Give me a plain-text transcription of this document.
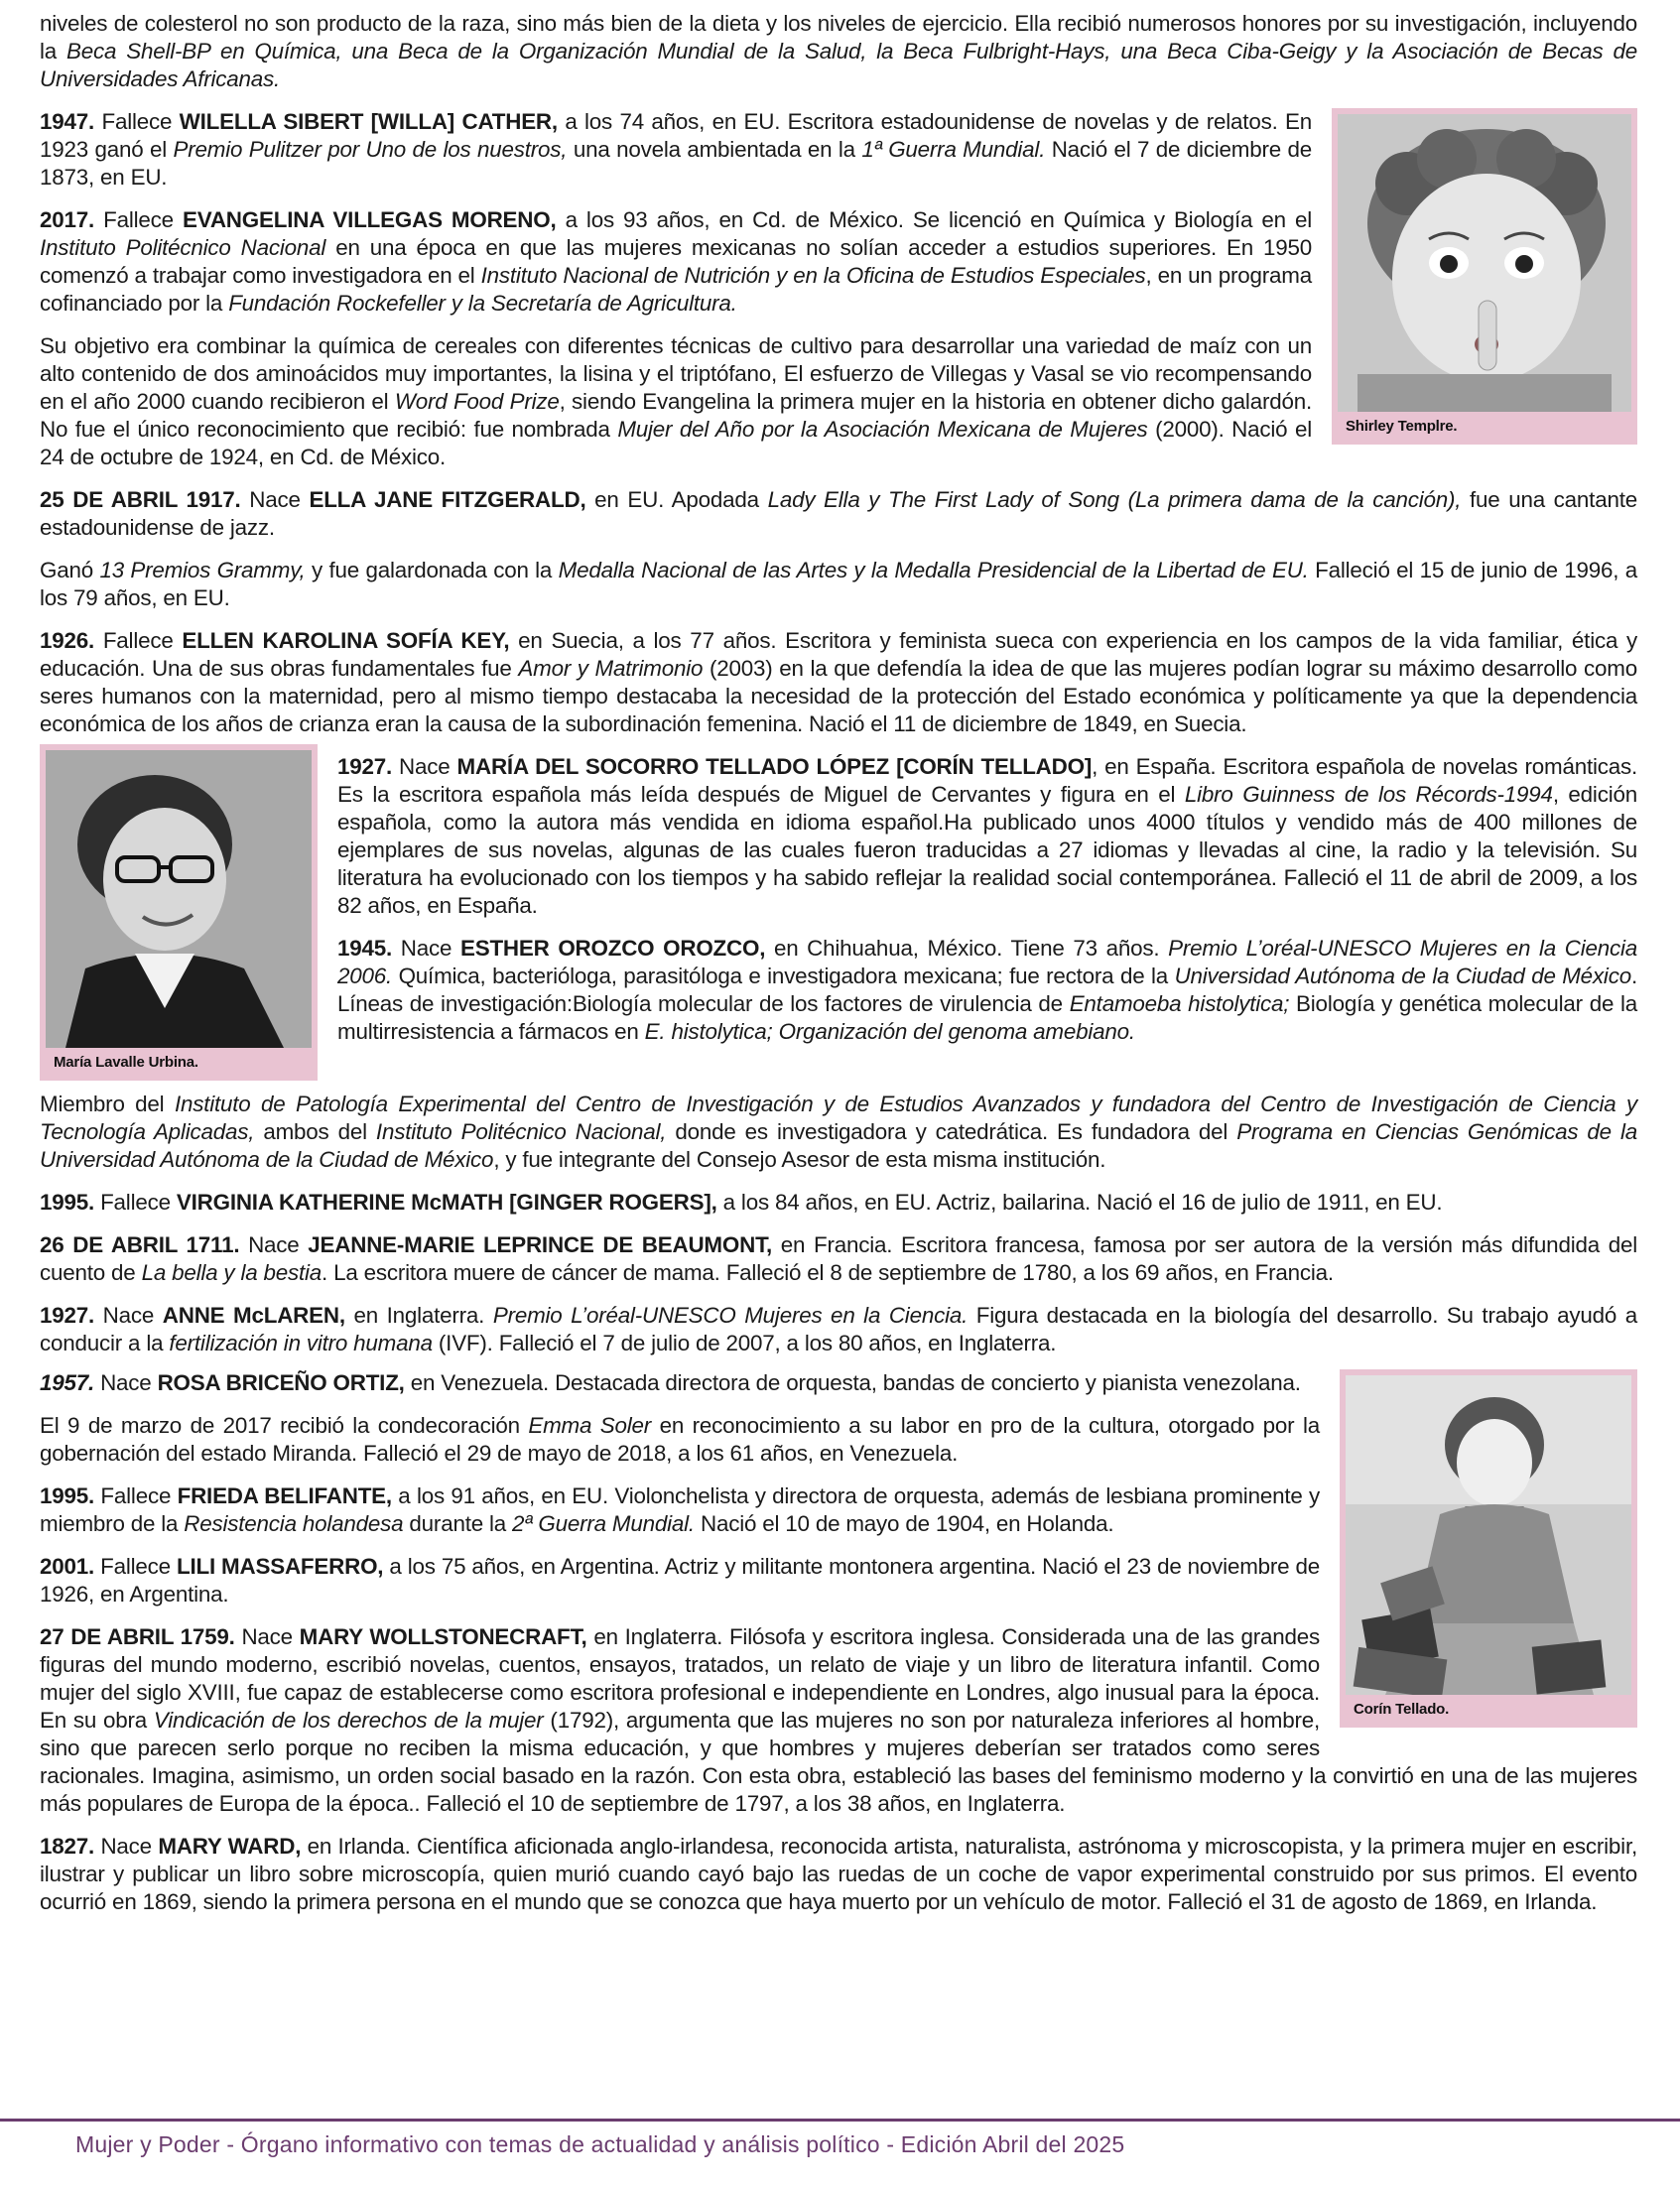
niveles de colesterol no son producto de la raza, sino más bien de la dieta y los niveles de ejercicio. Ella recibió numerosos honores por su investigación, incluyendo la Beca Shell-BP en Química, una Beca de la Organización Mundial de la Salud, la Beca Fulbright-Hays, una Beca Ciba-Geigy y la Asociación de Becas de Universidades Africanas.

Shirley Templre.

1947. Fallece WILELLA SIBERT [WILLA] CATHER, a los 74 años, en EU. Escritora estadounidense de novelas y de relatos. En 1923 ganó el Premio Pulitzer por Uno de los nuestros, una novela ambientada en la 1ª Guerra Mundial. Nació el 7 de diciembre de 1873, en EU.

2017. Fallece EVANGELINA VILLEGAS MORENO, a los 93 años, en Cd. de México. Se licenció en Química y Biología en el Instituto Politécnico Nacional en una época en que las mujeres mexicanas no solían acceder a estudios superiores. En 1950 comenzó a trabajar como investigadora en el Instituto Nacional de Nutrición y en la Oficina de Estudios Especiales, en un programa cofinanciado por la Fundación Rockefeller y la Secretaría de Agricultura.

Su objetivo era combinar la química de cereales con diferentes técnicas de cultivo para desarrollar una variedad de maíz con un alto contenido de dos aminoácidos muy importantes, la lisina y el triptófano, El esfuerzo de Villegas y Vasal se vio recompensando en el año 2000 cuando recibieron el Word Food Prize, siendo Evangelina la primera mujer en la historia en obtener dicho galardón. No fue el único reconocimiento que recibió: fue nombrada Mujer del Año por la Asociación Mexicana de Mujeres (2000). Nació el 24 de octubre de 1924, en Cd. de México.

25 DE ABRIL 1917. Nace ELLA JANE FITZGERALD, en EU. Apodada Lady Ella y The First Lady of Song (La primera dama de la canción), fue una cantante estadounidense de jazz.

Ganó 13 Premios Grammy, y fue galardonada con la Medalla Nacional de las Artes y la Medalla Presidencial de la Libertad de EU. Falleció el 15 de junio de 1996, a los 79 años, en EU.

1926. Fallece ELLEN KAROLINA SOFÍA KEY, en Suecia, a los 77 años. Escritora y feminista sueca con experiencia en los campos de la vida familiar, ética y educación. Una de sus obras fundamentales fue Amor y Matrimonio (2003) en la que defendía la idea de que las mujeres podían lograr su máximo desarrollo como seres humanos con la maternidad, pero al mismo tiempo destacaba la necesidad de la protección del Estado económica y políticamente ya que la dependencia económica de los años de crianza eran la causa de la subordinación femenina. Nació el 11 de diciembre de 1849, en Suecia.

María Lavalle Urbina.

1927. Nace MARÍA DEL SOCORRO TELLADO LÓPEZ [CORÍN TELLADO], en España. Escritora española de novelas románticas. Es la escritora española más leída después de Miguel de Cervantes y figura en el Libro Guinness de los Récords-1994, edición española, como la autora más vendida en idioma español.Ha publicado unos 4000 títulos y vendido más de 400 millones de ejemplares de sus novelas, algunas de las cuales fueron traducidas a 27 idiomas y llevadas al cine, la radio y la televisión. Su literatura ha evolucionado con los tiempos y ha sabido reflejar la realidad social contemporánea. Falleció el 11 de abril de 2009, a los 82 años, en España.

1945. Nace ESTHER OROZCO OROZCO, en Chihuahua, México. Tiene 73 años. Premio L’oréal-UNESCO Mujeres en la Ciencia 2006. Química, bacterióloga, parasitóloga e investigadora mexicana; fue rectora de la Universidad Autónoma de la Ciudad de México. Líneas de investigación:Biología molecular de los factores de virulencia de Entamoeba histolytica; Biología y genética molecular de la multirresistencia a fármacos en E. histolytica; Organización del genoma amebiano.

Miembro del Instituto de Patología Experimental del Centro de Investigación y de Estudios Avanzados y fundadora del Centro de Investigación de Ciencia y Tecnología Aplicadas, ambos del Instituto Politécnico Nacional, donde es investigadora y catedrática. Es fundadora del Programa en Ciencias Genómicas de la Universidad Autónoma de la Ciudad de México, y fue integrante del Consejo Asesor de esta misma institución.

1995. Fallece VIRGINIA KATHERINE McMATH [GINGER ROGERS], a los 84 años, en EU. Actriz, bailarina. Nació el 16 de julio de 1911, en EU.

26 DE ABRIL 1711. Nace JEANNE-MARIE LEPRINCE DE BEAUMONT, en Francia. Escritora francesa, famosa por ser autora de la versión más difundida del cuento de La bella y la bestia. La escritora muere de cáncer de mama. Falleció el 8 de septiembre de 1780, a los 69 años, en Francia.

1927. Nace ANNE McLAREN, en Inglaterra. Premio L’oréal-UNESCO Mujeres en la Ciencia. Figura destacada en la biología del desarrollo. Su trabajo ayudó a conducir a la fertilización in vitro humana (IVF). Falleció el 7 de julio de 2007, a los 80 años, en Inglaterra.

Corín Tellado.

1957. Nace ROSA BRICEÑO ORTIZ, en Venezuela. Destacada directora de orquesta, bandas de concierto y pianista venezolana.

El 9 de marzo de 2017 recibió la condecoración Emma Soler en reconocimiento a su labor en pro de la cultura, otorgado por la gobernación del estado Miranda. Falleció el 29 de mayo de 2018, a los 61 años, en Venezuela.

1995. Fallece FRIEDA BELIFANTE, a los 91 años, en EU. Violonchelista y directora de orquesta, además de lesbiana prominente y miembro de la Resistencia holandesa durante la 2ª Guerra Mundial. Nació el 10 de mayo de 1904, en Holanda.

2001. Fallece LILI MASSAFERRO, a los 75 años, en Argentina. Actriz y militante montonera argentina. Nació el 23 de noviembre de 1926, en Argentina.

27 DE ABRIL 1759. Nace MARY WOLLSTONECRAFT, en Inglaterra. Filósofa y escritora inglesa. Considerada una de las grandes figuras del mundo moderno, escribió novelas, cuentos, ensayos, tratados, un relato de viaje y un libro de literatura infantil. Como mujer del siglo XVIII, fue capaz de establecerse como escritora profesional e independiente en Londres, algo inusual para la época. En su obra Vindicación de los derechos de la mujer (1792), argumenta que las mujeres no son por naturaleza inferiores al hombre, sino que parecen serlo porque no reciben la misma educación, y que hombres y mujeres deberían ser tratados como seres racionales. Imagina, asimismo, un orden social basado en la razón. Con esta obra, estableció las bases del feminismo moderno y la convirtió en una de las mujeres más populares de Europa de la época.. Falleció el 10 de septiembre de 1797, a los 38 años, en Inglaterra.

1827. Nace MARY WARD, en Irlanda. Científica aficionada anglo-irlandesa, reconocida artista, naturalista, astrónoma y microscopista, y la primera mujer en escribir, ilustrar y publicar un libro sobre microscopía, quien murió cuando cayó bajo las ruedas de un coche de vapor experimental construido por sus primos. El evento ocurrió en 1869, siendo la primera persona en el mundo que se conozca que haya muerto por un vehículo de motor. Falleció el 31 de agosto de 1869, en Irlanda.

Mujer y Poder - Órgano informativo con temas de actualidad y análisis político - Edición Abril del 2025
